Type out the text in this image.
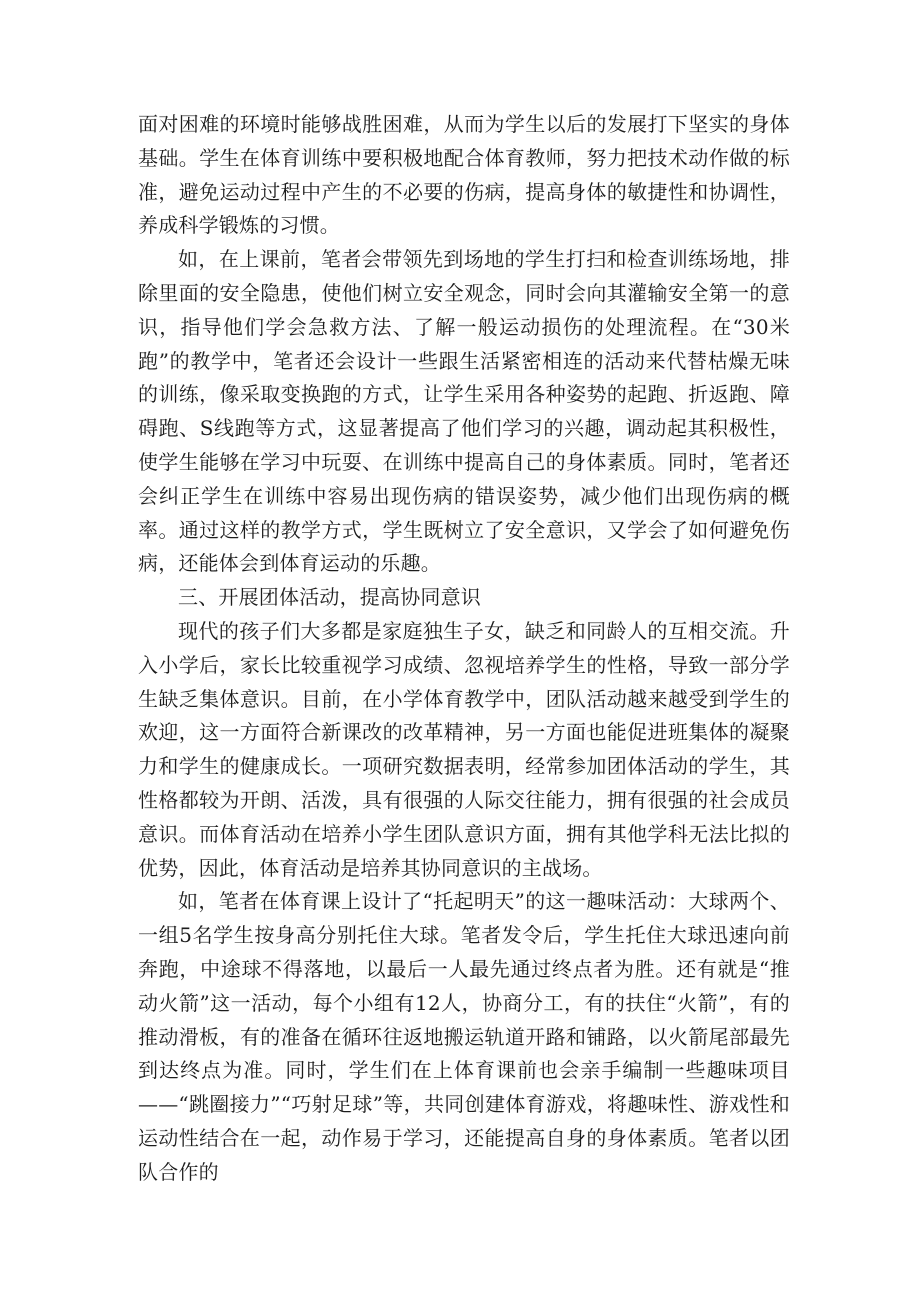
面对困难的环境时能够战胜困难，从而为学生以后的发展打下坚实的身体基础。学生在体育训练中要积极地配合体育教师，努力把技术动作做的标准，避免运动过程中产生的不必要的伤病，提高身体的敏捷性和协调性，养成科学锻炼的习惯。

如，在上课前，笔者会带领先到场地的学生打扫和检查训练场地，排除里面的安全隐患，使他们树立安全观念，同时会向其灌输安全第一的意识，指导他们学会急救方法、了解一般运动损伤的处理流程。在“30米跑”的教学中，笔者还会设计一些跟生活紧密相连的活动来代替枯燥无味的训练，像采取变换跑的方式，让学生采用各种姿势的起跑、折返跑、障碍跑、S线跑等方式，这显著提高了他们学习的兴趣，调动起其积极性，使学生能够在学习中玩耍、在训练中提高自己的身体素质。同时，笔者还会纠正学生在训练中容易出现伤病的错误姿势，减少他们出现伤病的概率。通过这样的教学方式，学生既树立了安全意识，又学会了如何避免伤病，还能体会到体育运动的乐趣。

三、开展团体活动，提高协同意识

现代的孩子们大多都是家庭独生子女，缺乏和同龄人的互相交流。升入小学后，家长比较重视学习成绩、忽视培养学生的性格，导致一部分学生缺乏集体意识。目前，在小学体育教学中，团队活动越来越受到学生的欢迎，这一方面符合新课改的改革精神，另一方面也能促进班集体的凝聚力和学生的健康成长。一项研究数据表明，经常参加团体活动的学生，其性格都较为开朗、活泼，具有很强的人际交往能力，拥有很强的社会成员意识。而体育活动在培养小学生团队意识方面，拥有其他学科无法比拟的优势，因此，体育活动是培养其协同意识的主战场。

如，笔者在体育课上设计了“托起明天”的这一趣味活动：大球两个、一组5名学生按身高分别托住大球。笔者发令后，学生托住大球迅速向前奔跑，中途球不得落地，以最后一人最先通过终点者为胜。还有就是“推动火箭”这一活动，每个小组有12人，协商分工，有的扶住“火箭”，有的推动滑板，有的准备在循环往返地搬运轨道开路和铺路，以火箭尾部最先到达终点为准。同时，学生们在上体育课前也会亲手编制一些趣味项目——“跳圈接力”“巧射足球”等，共同创建体育游戏，将趣味性、游戏性和运动性结合在一起，动作易于学习，还能提高自身的身体素质。笔者以团队合作的
